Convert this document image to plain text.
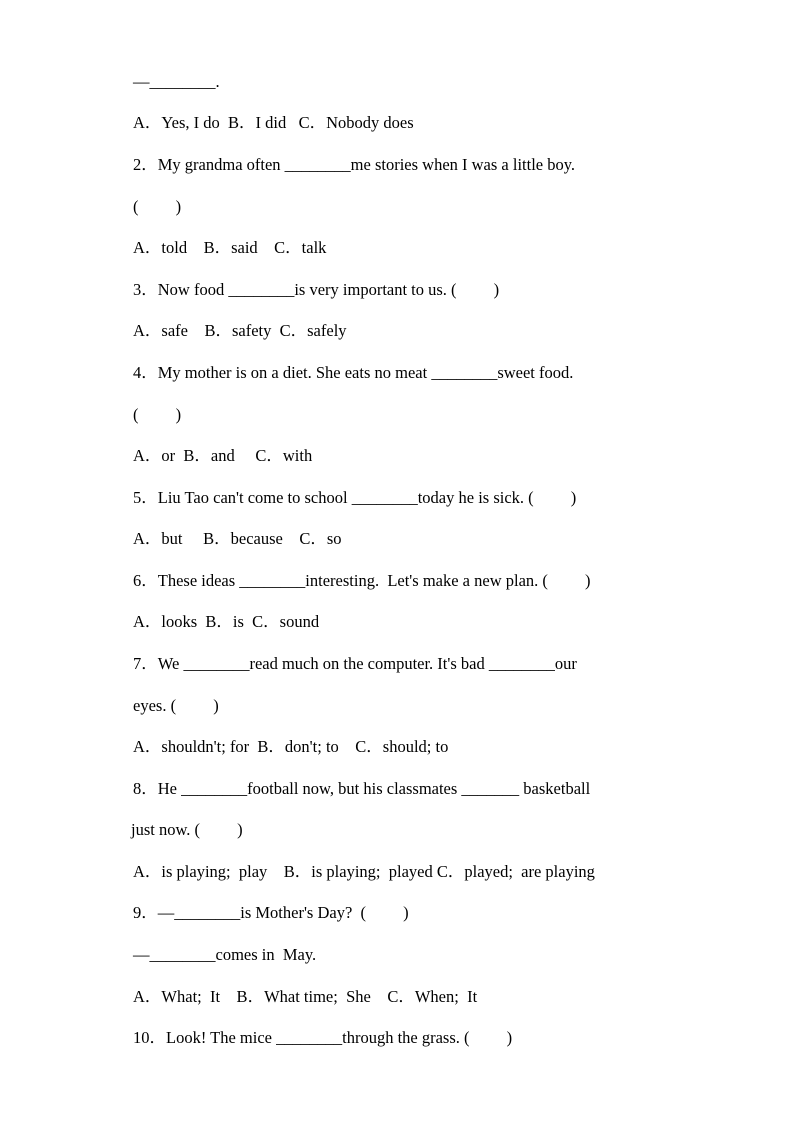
—________.
A．Yes, I do  B．I did   C．Nobody does
2．My grandma often ________me stories when I was a little boy.
(         )
A．told    B．said    C．talk
3．Now food ________is very important to us. (         )
A．safe    B．safety  C．safely
4．My mother is on a diet. She eats no meat ________sweet food.
(         )
A．or  B．and     C．with
5．Liu Tao can't come to school ________today he is sick. (         )
A．but     B．because    C．so
6．These ideas ________interesting.  Let's make a new plan. (         )
A．looks  B．is  C．sound
7．We ________read much on the computer. It's bad ________our
eyes. (         )
A．shouldn't; for  B．don't; to    C．should; to
8．He ________football now, but his classmates _______ basketball
just now. (         )
A．is playing;  play    B．is playing;  played C．played;  are playing
9．—________is Mother's Day?  (         )
—________comes in  May.
A．What;  It    B．What time;  She    C．When;  It
10．Look! The mice ________through the grass. (         )
